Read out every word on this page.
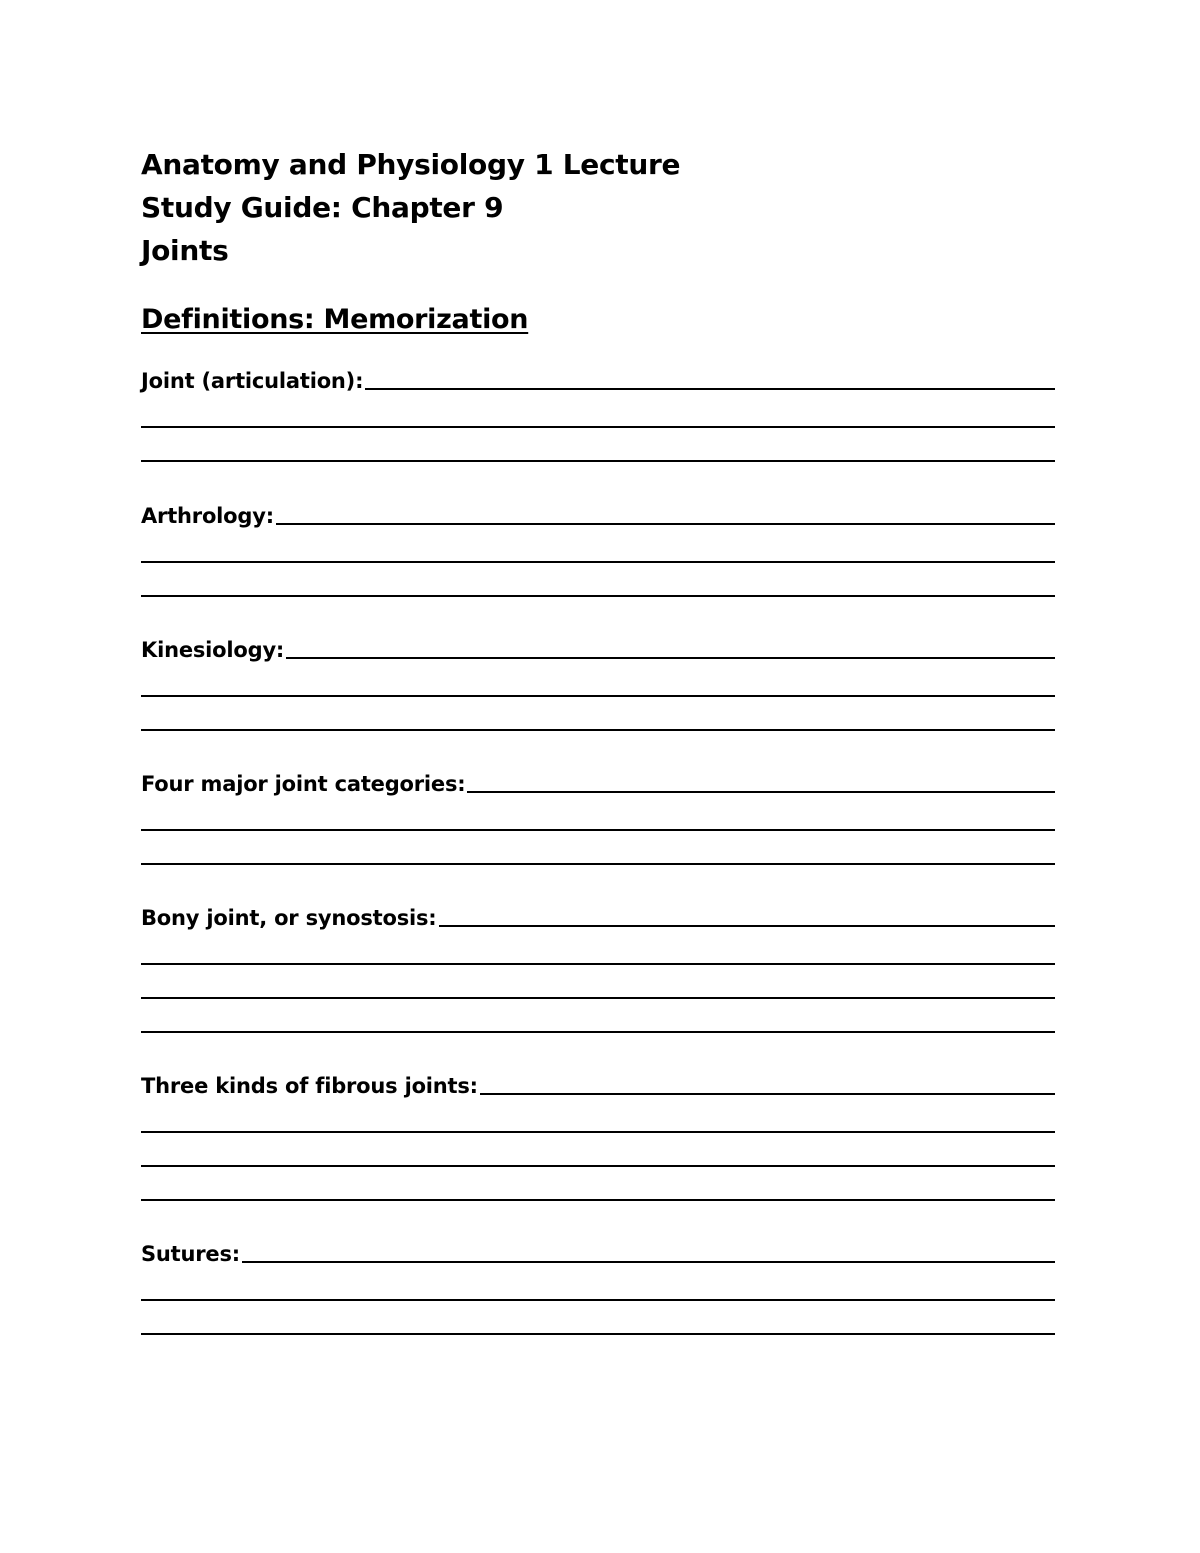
Anatomy and Physiology 1 Lecture
Study Guide: Chapter 9
Joints
Definitions: Memorization
Joint (articulation):
Arthrology:
Kinesiology:
Four major joint categories:
Bony joint, or synostosis:
Three kinds of fibrous joints:
Sutures:
